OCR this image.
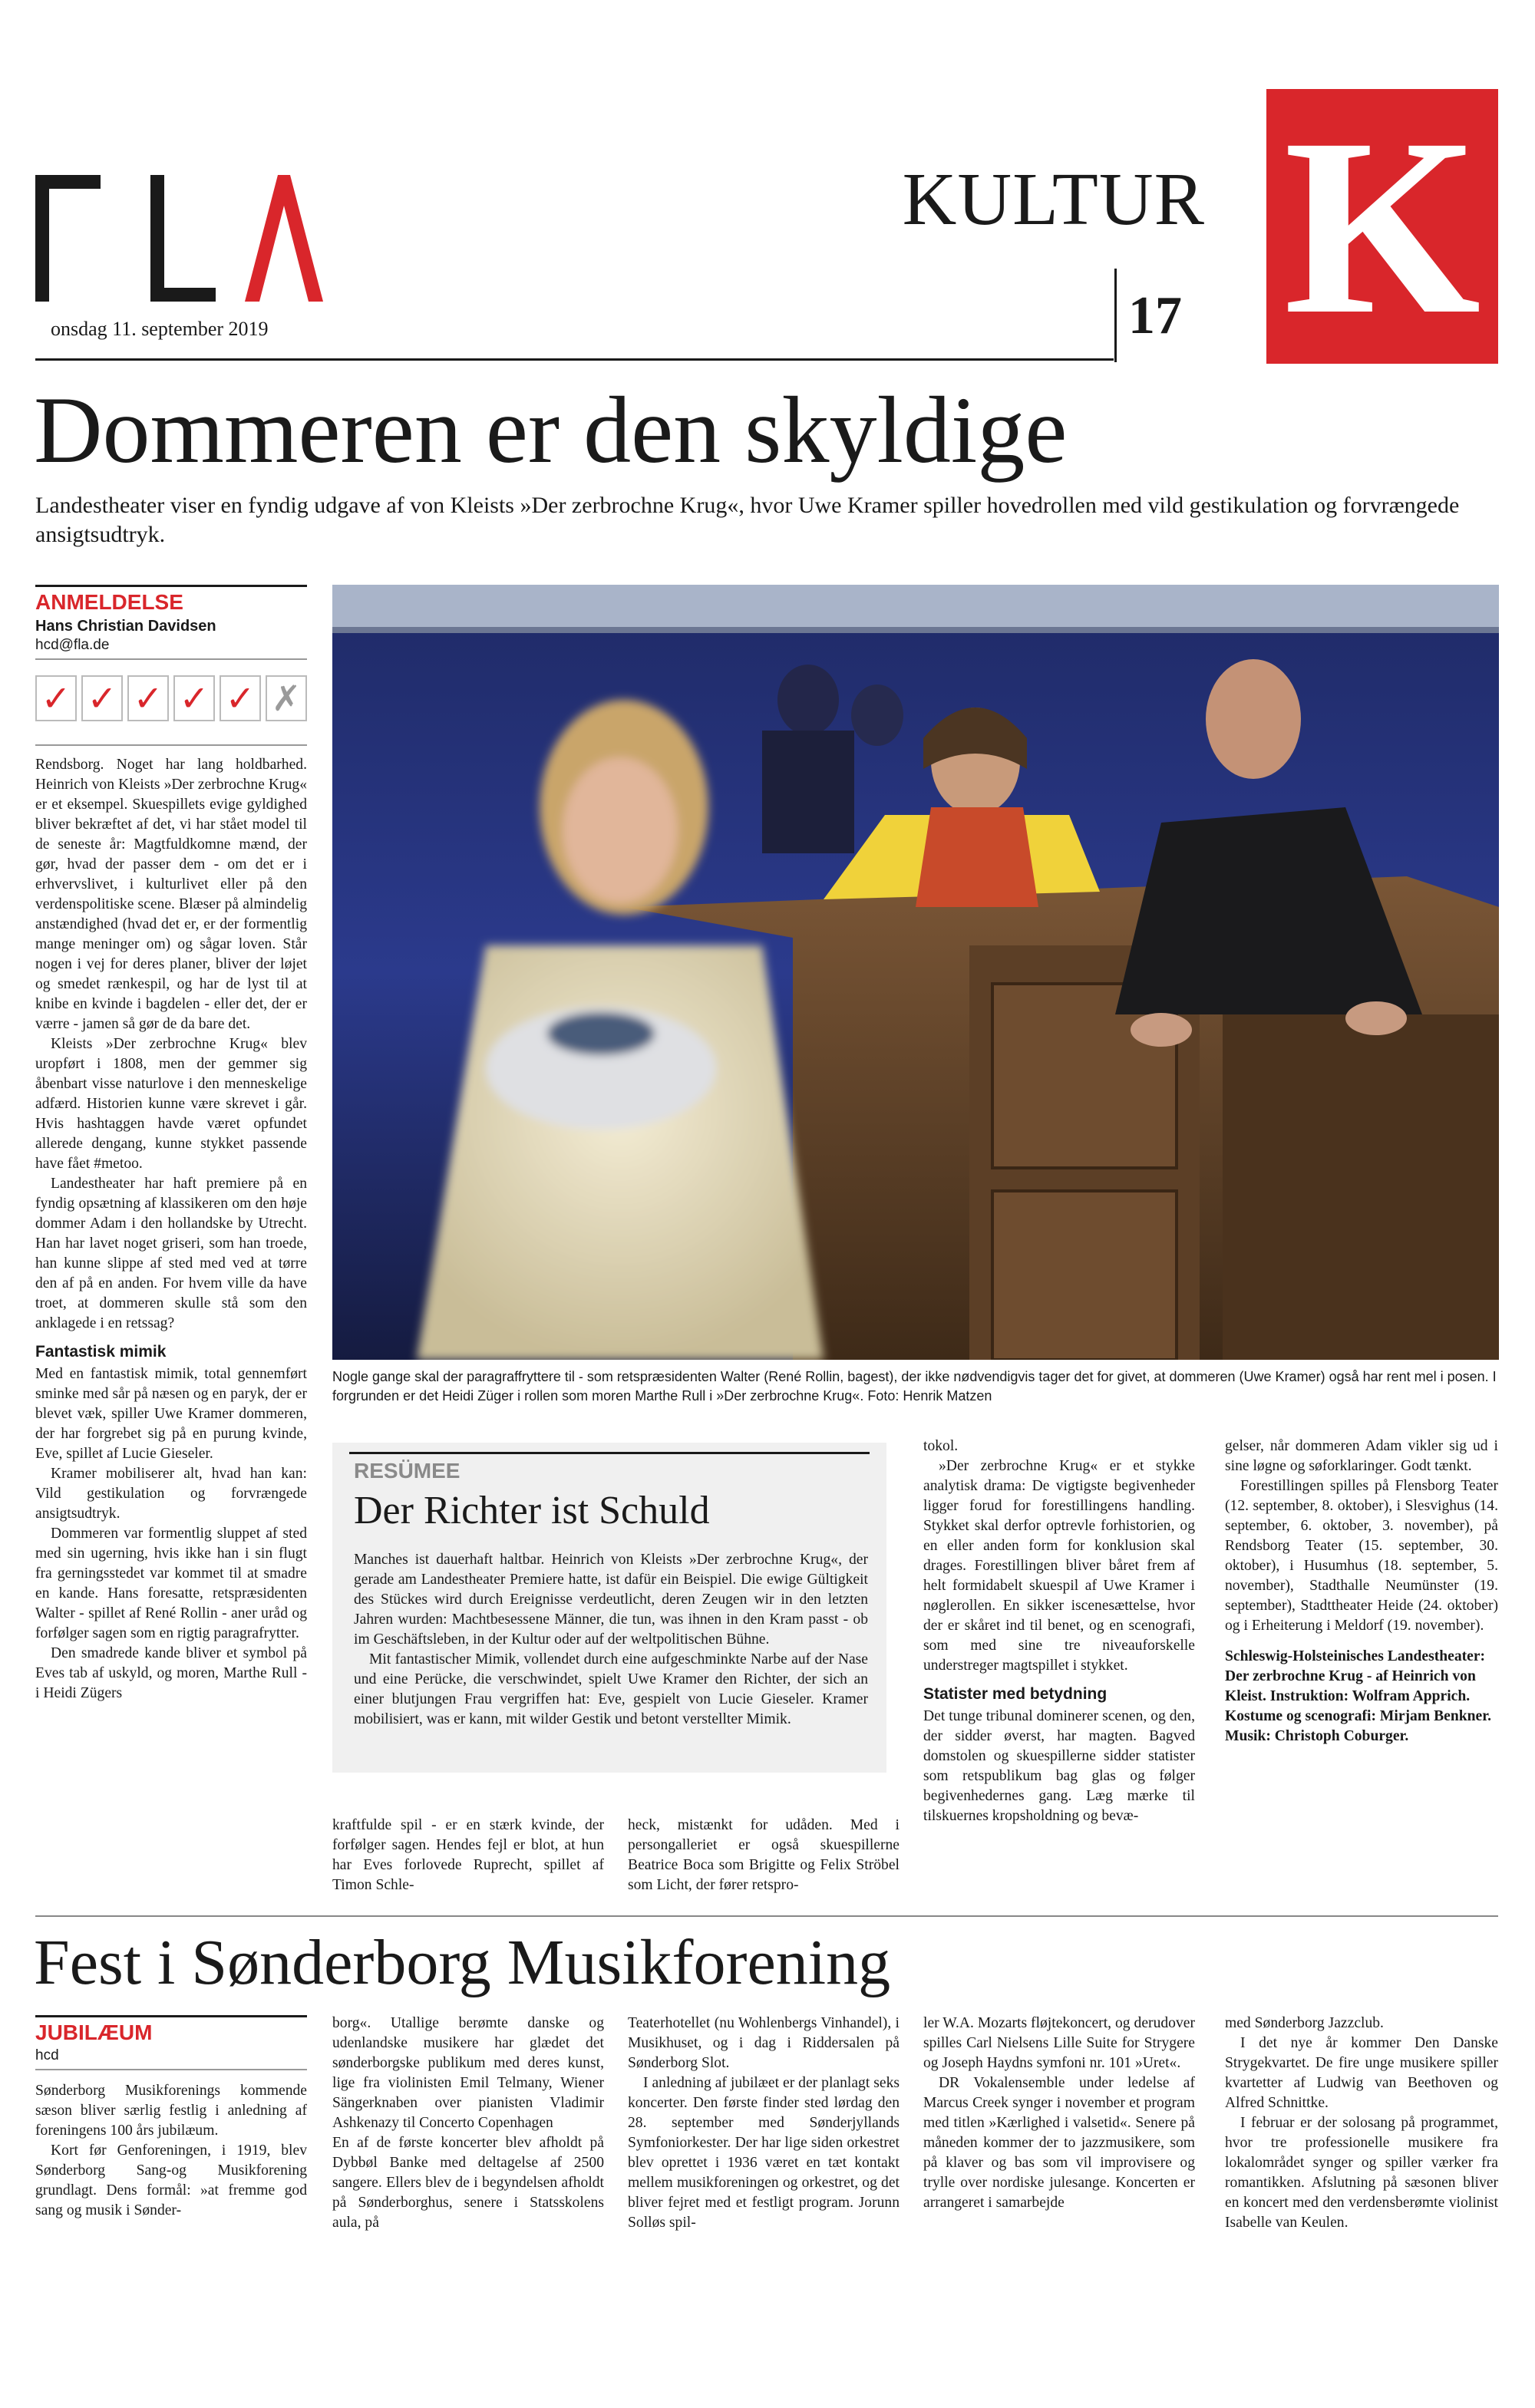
onsdag 11. september 2019
KULTUR K
17
Dommeren er den skyldige
Landestheater viser en fyndig udgave af von Kleists »Der zerbrochne Krug«, hvor Uwe Kramer spiller hovedrollen med vild gestikulation og forvrængede ansigtsudtryk.
ANMELDELSE
Hans Christian Davidsen
hcd@fla.de
✓ ✓ ✓ ✓ ✓ ✗
Nogle gange skal der paragraffryttere til - som retspræsidenten Walter (René Rollin, bagest), der ikke nødvendigvis tager det for givet, at dommeren (Uwe Kramer) også har rent mel i posen. I forgrunden er det Heidi Züger i rollen som moren Marthe Rull i »Der zerbrochne Krug«. Foto: Henrik Matzen

Rendsborg. Noget har lang holdbarhed. Heinrich von Kleists »Der zerbrochne Krug« er et eksempel. Skuespillets evige gyldighed bliver bekræftet af det, vi har stået model til de seneste år: Magtfuldkomne mænd, der gør, hvad der passer dem - om det er i erhvervslivet, i kulturlivet eller på den verdenspolitiske scene. Blæser på almindelig anstændighed (hvad det er, er der formentlig mange meninger om) og sågar loven. Står nogen i vej for deres planer, bliver der løjet og smedet rænkespil, og har de lyst til at knibe en kvinde i bagdelen - eller det, der er værre - jamen så gør de da bare det.

Kleists »Der zerbrochne Krug« blev uropført i 1808, men der gemmer sig åbenbart visse naturlove i den menneskelige adfærd. Historien kunne være skrevet i går. Hvis hashtaggen havde været opfundet allerede dengang, kunne stykket passende have fået #metoo.

Landestheater har haft premiere på en fyndig opsætning af klassikeren om den høje dommer Adam i den hollandske by Utrecht. Han har lavet noget griseri, som han troede, han kunne slippe af sted med ved at tørre den af på en anden. For hvem ville da have troet, at dommeren skulle stå som den anklagede i en retssag?

Fantastisk mimik

Med en fantastisk mimik, total gennemført sminke med sår på næsen og en paryk, der er blevet væk, spiller Uwe Kramer dommeren, der har forgrebet sig på en purung kvinde, Eve, spillet af Lucie Gieseler.

Kramer mobiliserer alt, hvad han kan: Vild gestikulation og forvrængede ansigtsudtryk.

Dommeren var formentlig sluppet af sted med sin ugerning, hvis ikke han i sin flugt fra gerningsstedet var kommet til at smadre en kande. Hans foresatte, retspræsidenten Walter - spillet af René Rollin - aner uråd og forfølger sagen som en rigtig paragrafrytter.

Den smadrede kande bliver et symbol på Eves tab af uskyld, og moren, Marthe Rull - i Heidi Zügers

RESÜMEE
Der Richter ist Schuld

Manches ist dauerhaft haltbar. Heinrich von Kleists »Der zerbrochne Krug«, der gerade am Landestheater Premiere hatte, ist dafür ein Beispiel. Die ewige Gültigkeit des Stückes wird durch Ereignisse verdeutlicht, deren Zeugen wir in den letzten Jahren wurden: Machtbesessene Männer, die tun, was ihnen in den Kram passt - ob im Geschäftsleben, in der Kultur oder auf der weltpolitischen Bühne.

Mit fantastischer Mimik, vollendet durch eine aufgeschminkte Narbe auf der Nase und eine Perücke, die verschwindet, spielt Uwe Kramer den Richter, der sich an einer blutjungen Frau vergriffen hat: Eve, gespielt von Lucie Gieseler. Kramer mobilisiert, was er kann, mit wilder Gestik und betont verstellter Mimik.

kraftfulde spil - er en stærk kvinde, der forfølger sagen. Hendes fejl er blot, at hun har Eves forlovede Ruprecht, spillet af Timon Schle-
heck, mistænkt for udåden. Med i persongalleriet er også skuespillerne Beatrice Boca som Brigitte og Felix Ströbel som Licht, der fører retspro-

tokol.

»Der zerbrochne Krug« er et stykke analytisk drama: De vigtigste begivenheder ligger forud for forestillingens handling. Stykket skal derfor optrevle forhistorien, og en eller anden form for konklusion skal drages. Forestillingen bliver båret frem af helt formidabelt skuespil af Uwe Kramer i nøglerollen. En sikker iscenesættelse, hvor der er skåret ind til benet, og en scenografi, som med sine tre niveauforskelle understreger magtspillet i stykket.

Statister med betydning

Det tunge tribunal dominerer scenen, og den, der sidder øverst, har magten. Bagved domstolen og skuespillerne sidder statister som retspublikum bag glas og følger begivenhedernes gang. Læg mærke til tilskuernes kropsholdning og bevæ-

gelser, når dommeren Adam vikler sig ud i sine løgne og søforklaringer. Godt tænkt.

Forestillingen spilles på Flensborg Teater (12. september, 8. oktober), i Slesvighus (14. september, 6. oktober, 3. november), på Rendsborg Teater (15. september, 30. oktober), i Husumhus (18. september, 5. november), Stadthalle Neumünster (19. september), Stadttheater Heide (24. oktober) og i Erheiterung i Meldorf (19. november).

Schleswig-Holsteinisches Landestheater: Der zerbrochne Krug - af Heinrich von Kleist. Instruktion: Wolfram Apprich. Kostume og scenografi: Mirjam Benkner. Musik: Christoph Coburger.

Fest i Sønderborg Musikforening
JUBILÆUM
hcd

Sønderborg Musikforenings kommende sæson bliver særlig festlig i anledning af foreningens 100 års jubilæum.

Kort før Genforeningen, i 1919, blev Sønderborg Sang-og Musikforening grundlagt. Dens formål: »at fremme god sang og musik i Sønder-

borg«. Utallige berømte danske og udenlandske musikere har glædet det sønderborgske publikum med deres kunst, lige fra violinisten Emil Telmany, Wiener Sängerknaben over pianisten Vladimir Ashkenazy til Concerto Copenhagen
En af de første koncerter blev afholdt på Dybbøl Banke med deltagelse af 2500 sangere. Ellers blev de i begyndelsen afholdt på Sønderborghus, senere i Statsskolens aula, på

Teaterhotellet (nu Wohlenbergs Vinhandel), i Musikhuset, og i dag i Riddersalen på Sønderborg Slot.

I anledning af jubilæet er der planlagt seks koncerter. Den første finder sted lørdag den 28. september med Sønderjyllands Symfoniorkester. Der har lige siden orkestret blev oprettet i 1936 været en tæt kontakt mellem musikforeningen og orkestret, og det bliver fejret med et festligt program. Jorunn Solløs spil-

ler W.A. Mozarts fløjtekoncert, og derudover spilles Carl Nielsens Lille Suite for Strygere og Joseph Haydns symfoni nr. 101 »Uret«.

DR Vokalensemble under ledelse af Marcus Creek synger i november et program med titlen »Kærlighed i valsetid«. Senere på måneden kommer der to jazzmusikere, som på klaver og bas som vil improvisere og trylle over nordiske julesange. Koncerten er arrangeret i samarbejde

med Sønderborg Jazzclub.

I det nye år kommer Den Danske Strygekvartet. De fire unge musikere spiller kvartetter af Ludwig van Beethoven og Alfred Schnittke.

I februar er der solosang på programmet, hvor tre professionelle musikere fra lokalområdet synger og spiller værker fra romantikken. Afslutning på sæsonen bliver en koncert med den verdensberømte violinist Isabelle van Keulen.
